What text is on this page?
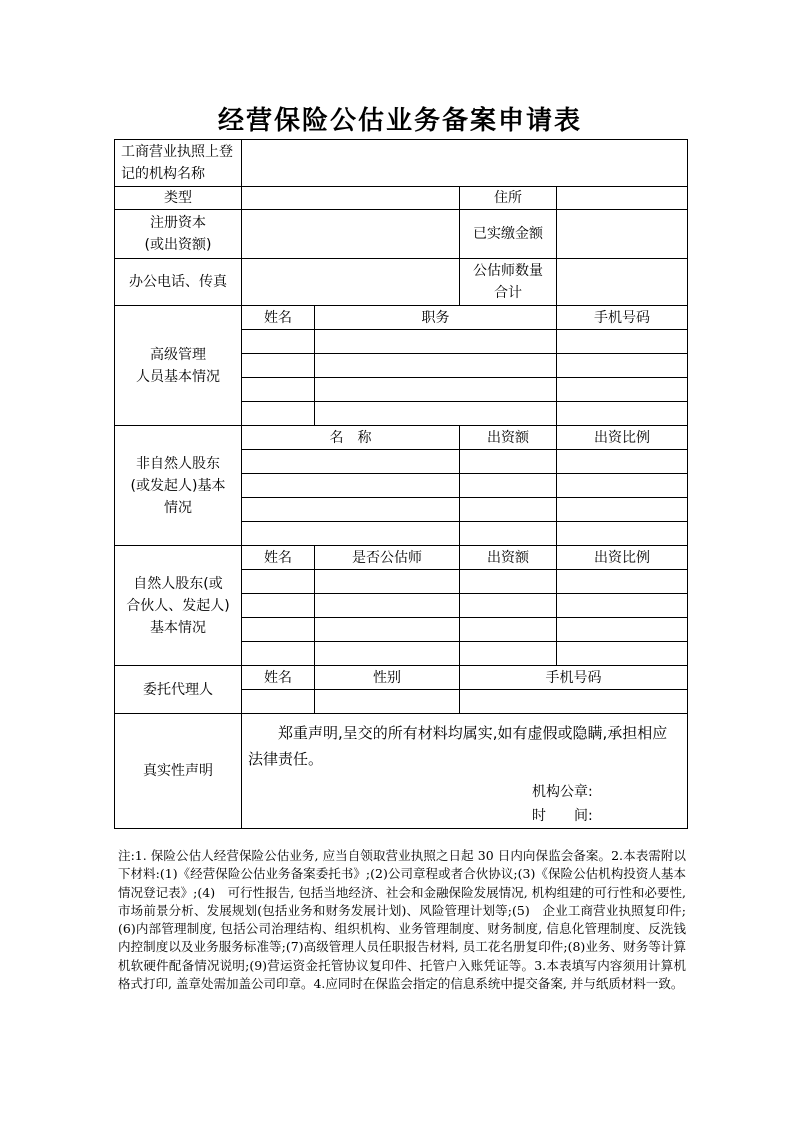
经营保险公估业务备案申请表
工商营业执照上登记的机构名称				
类型			住所	

注册资本
(或出资额)			已实缴金额	
办公电话、传真			公估师数量
合计	

高级管理
人员基本情况	姓名	职务		手机号码

非自然人股东
(或发起人)基本
情况	名　称		出资额	出资比例

自然人股东(或
合伙人、发起人)
基本情况	姓名	是否公估师	出资额	出资比例

委托代理人	姓名	性别	手机号码	

真实性声明	郑重声明,呈交的所有材料均属实,如有虚假或隐瞒,承担相应法律责任。
机构公章:
时　　间:			
注:1. 保险公估人经营保险公估业务, 应当自领取营业执照之日起 30 日内向保监会备案。2.本表需附以下材料:(1)《经营保险公估业务备案委托书》;(2)公司章程或者合伙协议;(3)《保险公估机构投资人基本情况登记表》;(4)　可行性报告, 包括当地经济、社会和金融保险发展情况, 机构组建的可行性和必要性, 市场前景分析、发展规划(包括业务和财务发展计划)、风险管理计划等;(5)　企业工商营业执照复印件;(6)内部管理制度, 包括公司治理结构、组织机构、业务管理制度、财务制度, 信息化管理制度、反洗钱内控制度以及业务服务标准等;(7)高级管理人员任职报告材料, 员工花名册复印件;(8)业务、财务等计算机软硬件配备情况说明;(9)营运资金托管协议复印件、托管户入账凭证等。3.本表填写内容须用计算机格式打印, 盖章处需加盖公司印章。4.应同时在保监会指定的信息系统中提交备案, 并与纸质材料一致。
